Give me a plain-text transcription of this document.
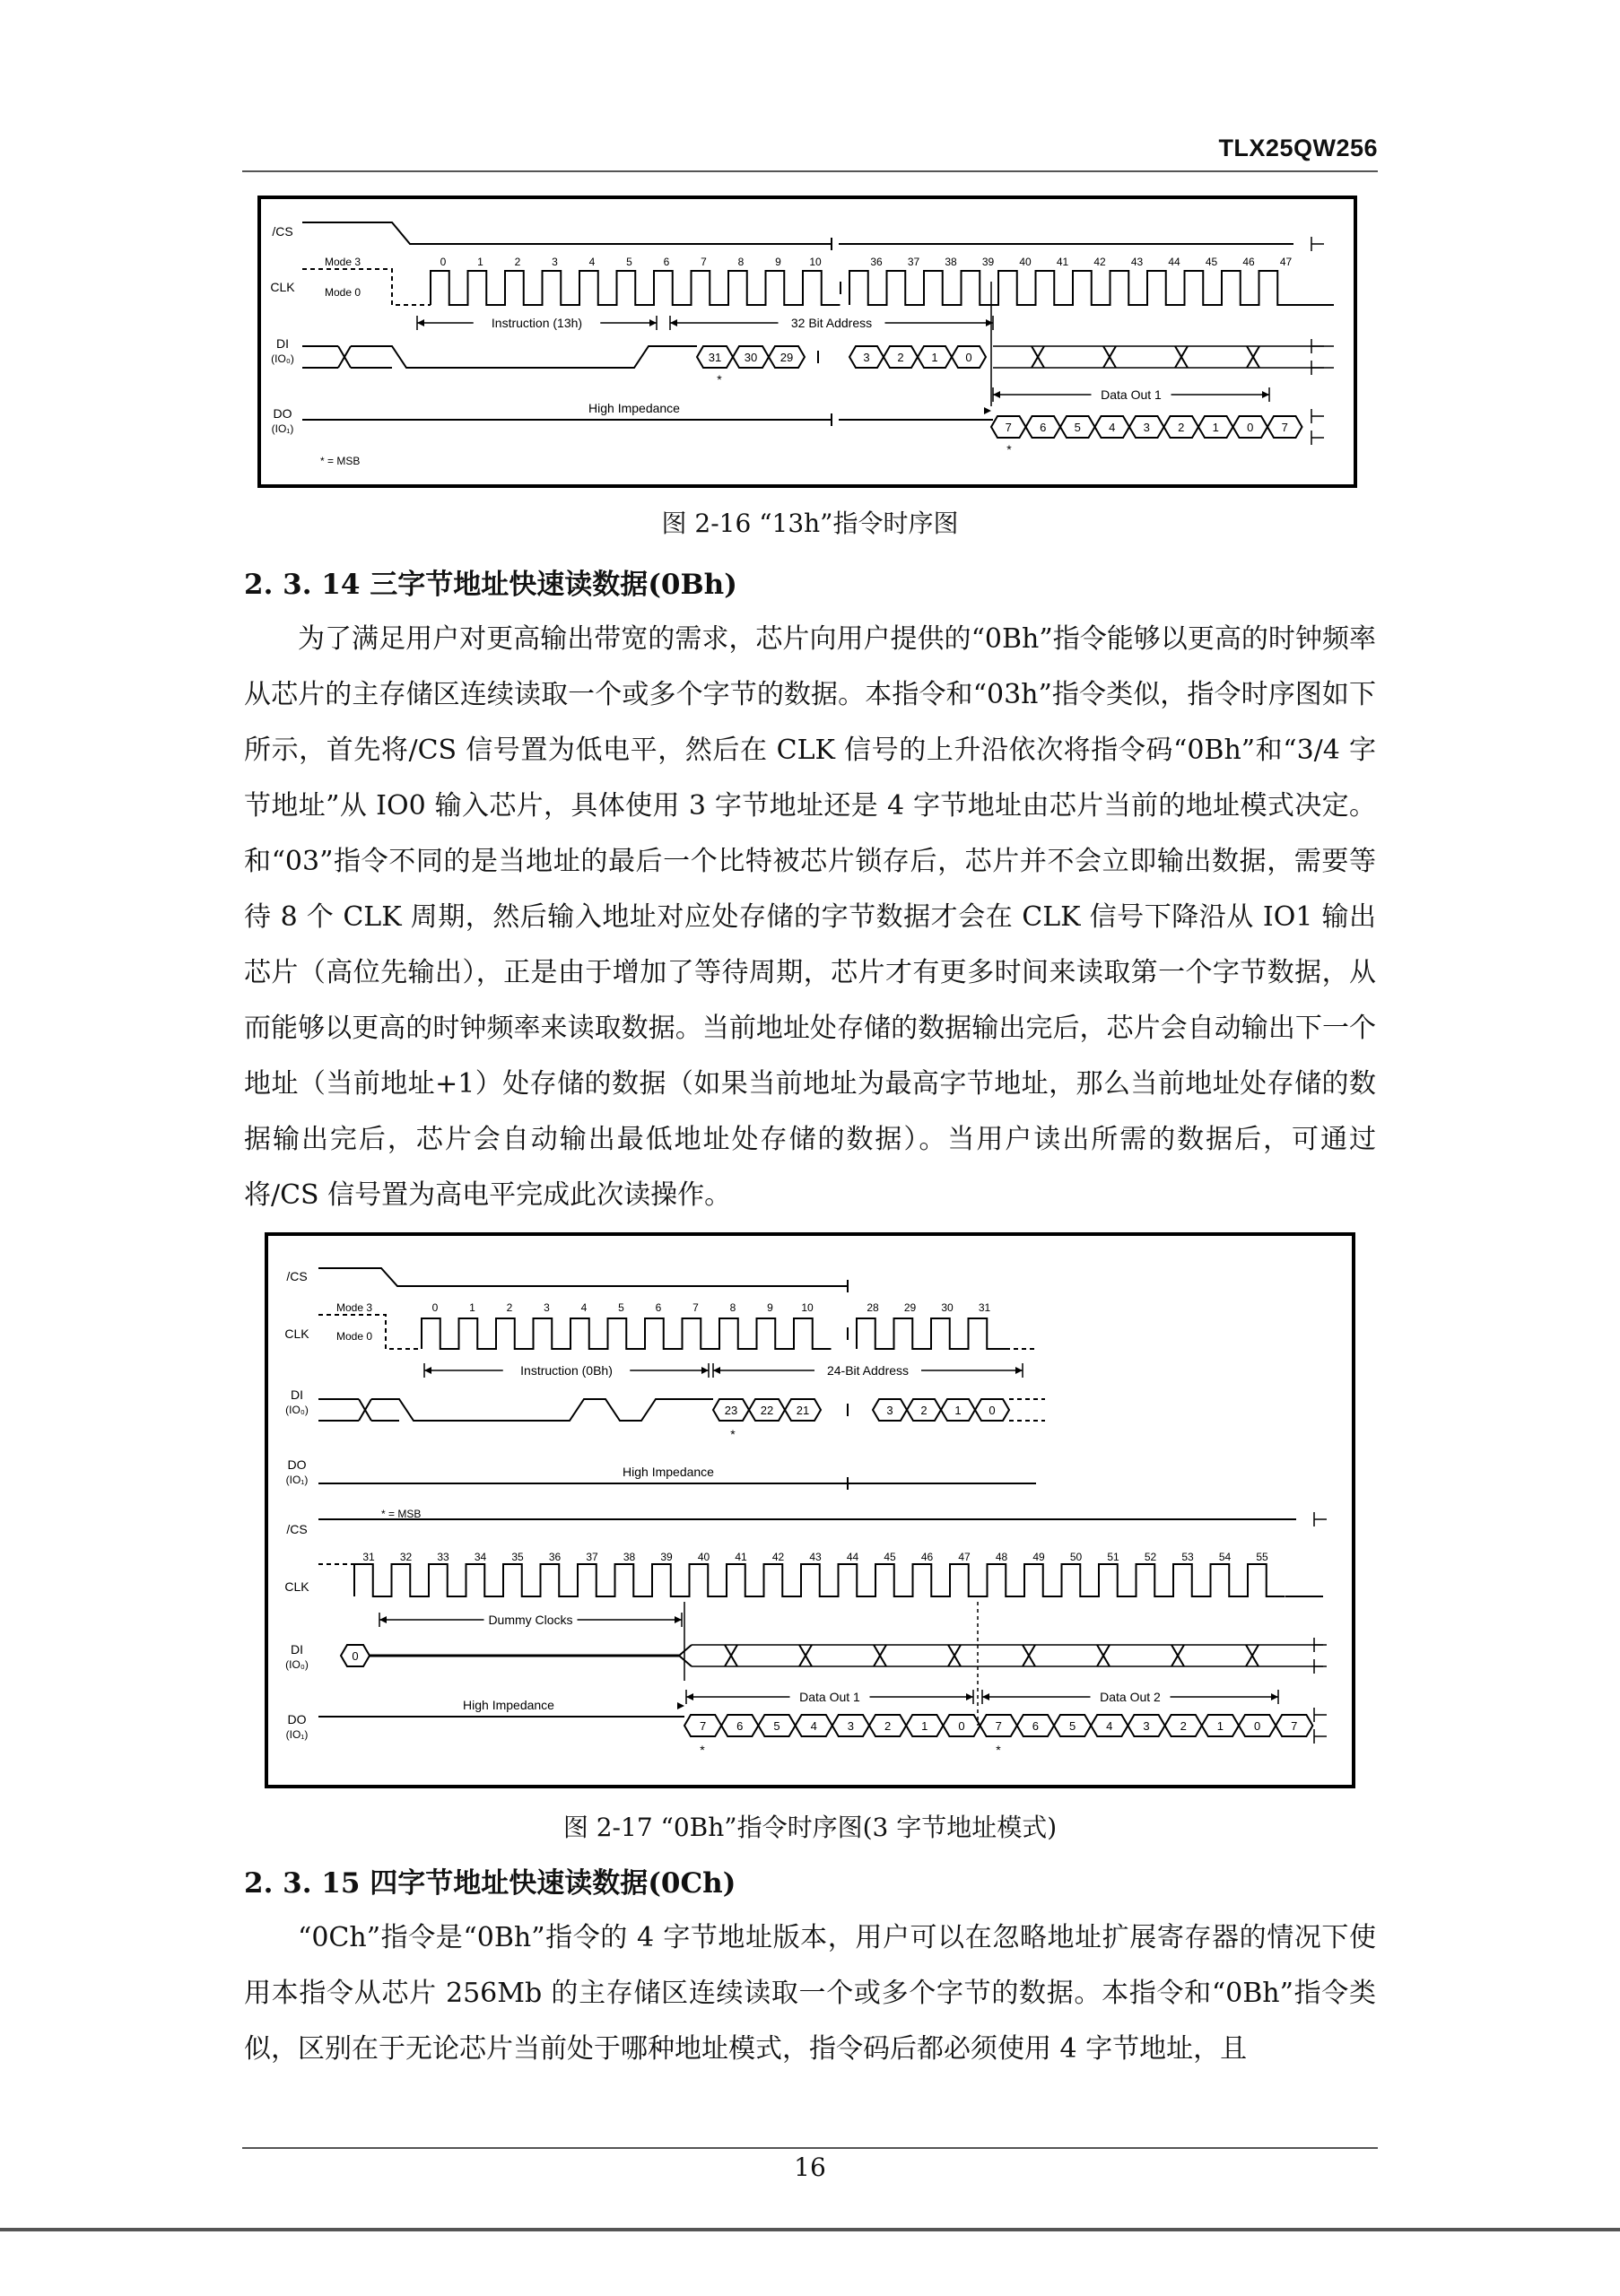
TLX25QW256
/CS
CLK
DI
(IO₀)
DO
(IO₁)
Mode 3
Mode 0
0	1	2	3	4	5	6	7	8	9	10	36 37 38 39 40 41 42 43 44 45 46 47
Instruction (13h)	32 Bit Address
31 30 29
*
3 2 1 0
High Impedance
Data Out 1
7 6 5 4 3 2 1 0 7
*
* = MSB
图 2-16 “13h”指令时序图
2. 3. 14 三字节地址快速读数据(0Bh)

为了满足用户对更高输出带宽的需求，芯片向用户提供的“0Bh”指令能够以更高的时钟频率从芯片的主存储区连续读取一个或多个字节的数据。本指令和“03h”指令类似，指令时序图如下所示，首先将/CS 信号置为低电平，然后在 CLK 信号的上升沿依次将指令码“0Bh”和“3/4 字节地址”从 IO0 输入芯片，具体使用 3 字节地址还是 4 字节地址由芯片当前的地址模式决定。和“03”指令不同的是当地址的最后一个比特被芯片锁存后，芯片并不会立即输出数据，需要等待 8 个 CLK 周期，然后输入地址对应处存储的字节数据才会在 CLK 信号下降沿从 IO1 输出芯片（高位先输出），正是由于增加了等待周期，芯片才有更多时间来读取第一个字节数据，从而能够以更高的时钟频率来读取数据。当前地址处存储的数据输出完后，芯片会自动输出下一个地址（当前地址+1）处存储的数据（如果当前地址为最高字节地址，那么当前地址处存储的数据输出完后，芯片会自动输出最低地址处存储的数据）。当用户读出所需的数据后，可通过将/CS 信号置为高电平完成此次读操作。

/CS
CLK
DI
(IO₀)
DO
(IO₁)
Mode 3
Mode 0
0	1	2	3	4	5	6	7	8	9	10	28 29 30 31
Instruction (0Bh)	24-Bit Address
23 22 21
*
3 2 1 0
High Impedance
* = MSB
/CS
CLK
31 32 33 34 35 36 37 38 39 40 41 42 43 44 45 46 47 48 49 50 51 52 53 54 55
Dummy Clocks
DI
(IO₀)
0
DO
(IO₁)
High Impedance
Data Out 1	Data Out 2
7	6	5	4	3	2	1	0	7	6	5	4	3	2	1	0	7
*	*
图 2-17 “0Bh”指令时序图(3 字节地址模式)
2. 3. 15 四字节地址快速读数据(0Ch)

“0Ch”指令是“0Bh”指令的 4 字节地址版本，用户可以在忽略地址扩展寄存器的情况下使用本指令从芯片 256Mb 的主存储区连续读取一个或多个字节的数据。本指令和“0Bh”指令类似，区别在于无论芯片当前处于哪种地址模式，指令码后都必须使用 4 字节地址，且

16
